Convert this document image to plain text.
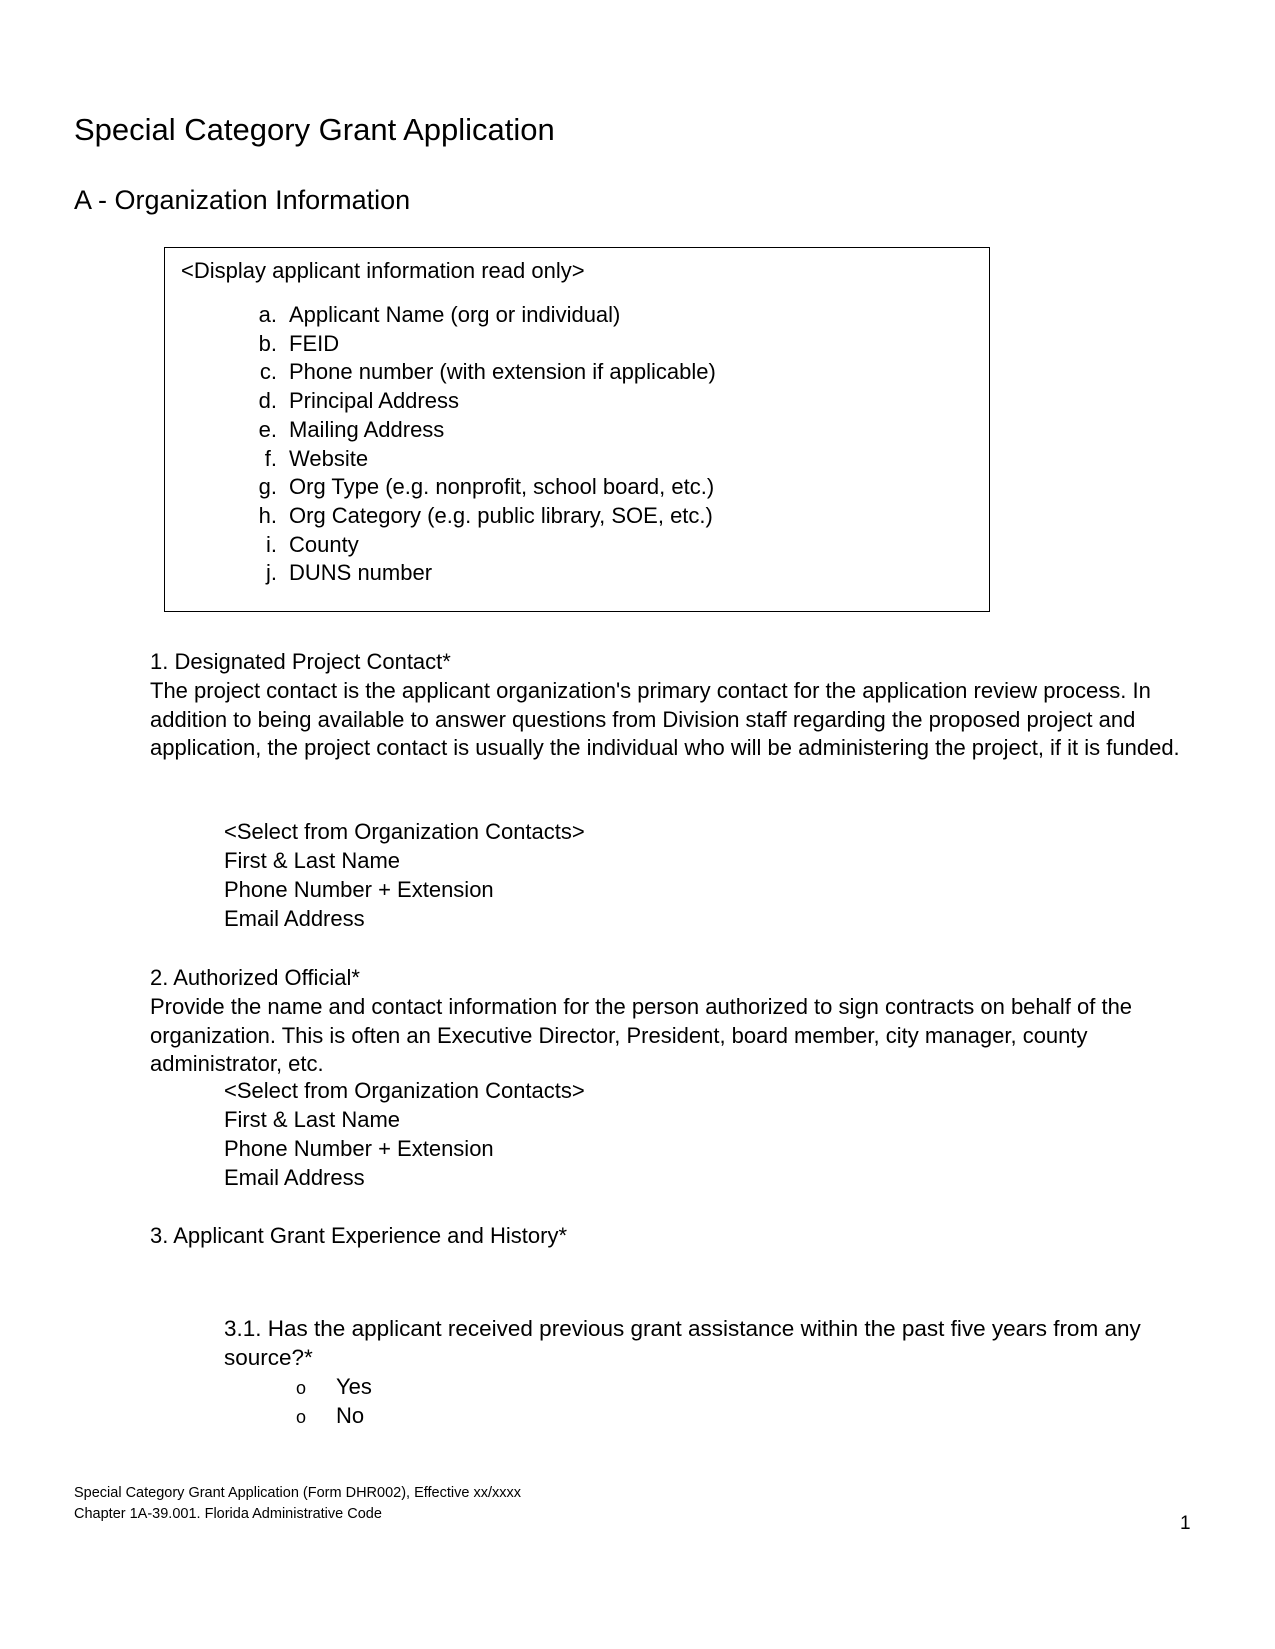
Special Category Grant Application
A - Organization Information
<Display applicant information read only>
a. Applicant Name (org or individual)
b. FEID
c. Phone number (with extension if applicable)
d. Principal Address
e. Mailing Address
f. Website
g. Org Type (e.g. nonprofit, school board, etc.)
h. Org Category (e.g. public library, SOE, etc.)
i. County
j. DUNS number
1. Designated Project Contact*
The project contact is the applicant organization's primary contact for the application review process. In addition to being available to answer questions from Division staff regarding the proposed project and application, the project contact is usually the individual who will be administering the project, if it is funded.
<Select from Organization Contacts>
First & Last Name
Phone Number + Extension
Email Address
2. Authorized Official*
Provide the name and contact information for the person authorized to sign contracts on behalf of the organization. This is often an Executive Director, President, board member, city manager, county administrator, etc.
<Select from Organization Contacts>
First & Last Name
Phone Number + Extension
Email Address
3. Applicant Grant Experience and History*
3.1. Has the applicant received previous grant assistance within the past five years from any source?*
o	Yes
o	No
Special Category Grant Application (Form DHR002), Effective xx/xxxx
Chapter 1A-39.001. Florida Administrative Code	1
